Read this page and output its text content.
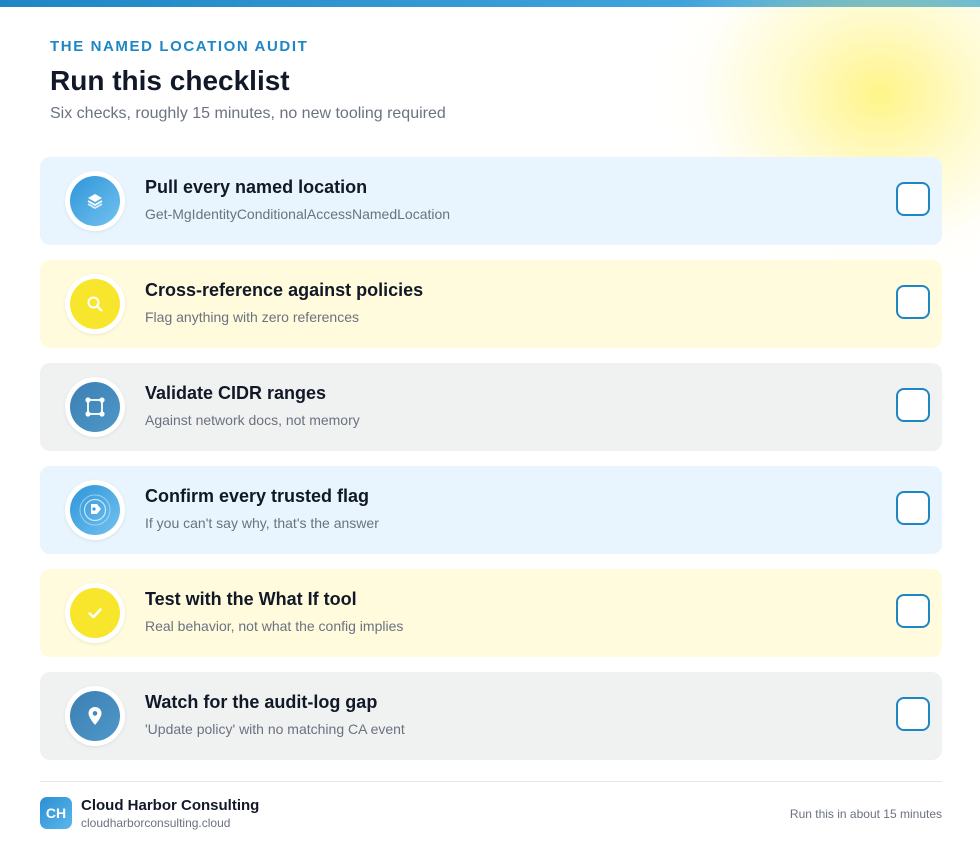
THE NAMED LOCATION AUDIT

Run this checklist

Six checks, roughly 15 minutes, no new tooling required

Pull every named location
Get-MgIdentityConditionalAccessNamedLocation
Cross-reference against policies
Flag anything with zero references
Validate CIDR ranges
Against network docs, not memory
Confirm every trusted flag
If you can't say why, that's the answer
Test with the What If tool
Real behavior, not what the config implies
Watch for the audit-log gap
'Update policy' with no matching CA event
CH Cloud Harbor Consulting
cloudharborconsulting.cloud
Run this in about 15 minutes
